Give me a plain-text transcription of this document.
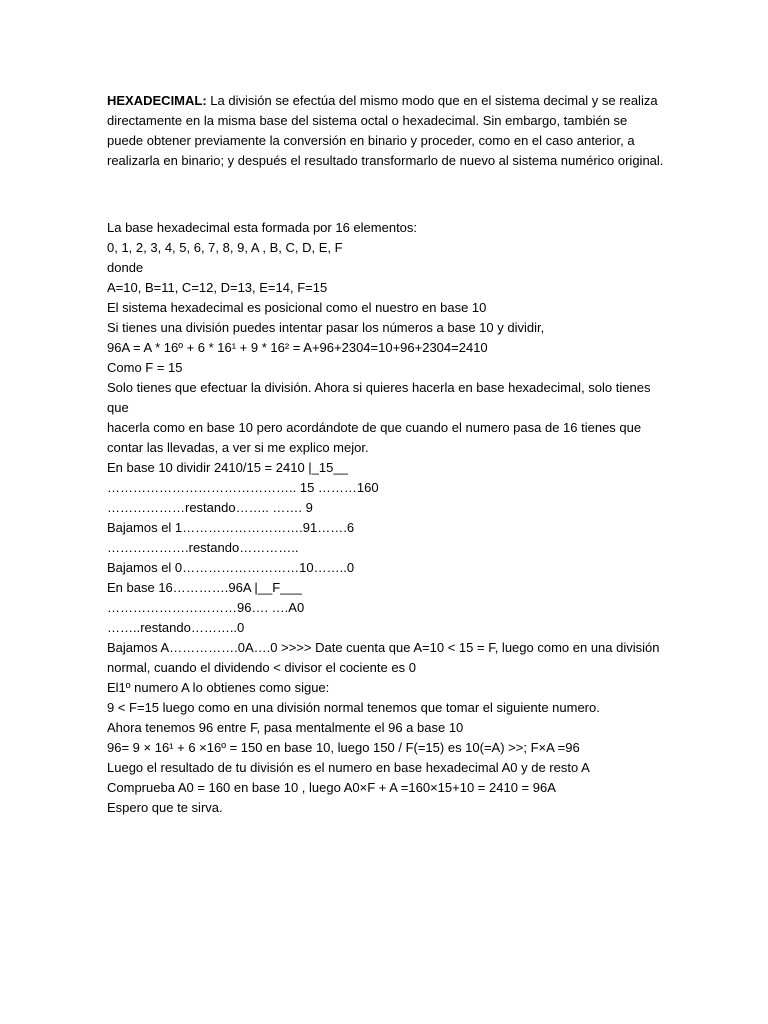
HEXADECIMAL: La división se efectúa del mismo modo que en el sistema decimal y se realiza directamente en la misma base del sistema octal o hexadecimal. Sin embargo, también se puede obtener previamente la conversión en binario y proceder, como en el caso anterior, a realizarla en binario; y después el resultado transformarlo de nuevo al sistema numérico original.

La base hexadecimal esta formada por 16 elementos:
0, 1, 2, 3, 4, 5, 6, 7, 8, 9, A , B, C, D, E, F
donde
A=10, B=11, C=12, D=13, E=14, F=15
El sistema hexadecimal es posicional como el nuestro en base 10
Si tienes una división puedes intentar pasar los números a base 10 y dividir,
96A = A * 16º + 6 * 16¹ + 9 * 16² = A+96+2304=10+96+2304=2410
Como F = 15
Solo tienes que efectuar la división. Ahora si quieres hacerla en base hexadecimal, solo tienes que
hacerla como en base 10 pero acordándote de que cuando el numero pasa de 16 tienes que
contar las llevadas, a ver si me explico mejor.
En base 10 dividir 2410/15 = 2410 |_15__
…………………………………….. 15 ………160
………………restando…….. ……. 9
Bajamos el 1……………………….91…….6
……………….restando…………..
Bajamos el 0………………………10……..0
En base 16………….96A |__F___
…………………………96…. ….A0
……..restando………..0
Bajamos A…………….0A….0 >>>> Date cuenta que A=10 < 15 = F, luego como en una división
normal, cuando el dividendo < divisor el cociente es 0
El1º numero A lo obtienes como sigue:
9 < F=15 luego como en una división normal tenemos que tomar el siguiente numero.
Ahora tenemos 96 entre F, pasa mentalmente el 96 a base 10
96= 9 × 16¹ + 6 ×16º = 150 en base 10, luego 150 / F(=15) es 10(=A) >>; F×A =96
Luego el resultado de tu división es el numero en base hexadecimal A0 y de resto A
Comprueba A0 = 160 en base 10 , luego A0×F + A =160×15+10 = 2410 = 96A
Espero que te sirva.
